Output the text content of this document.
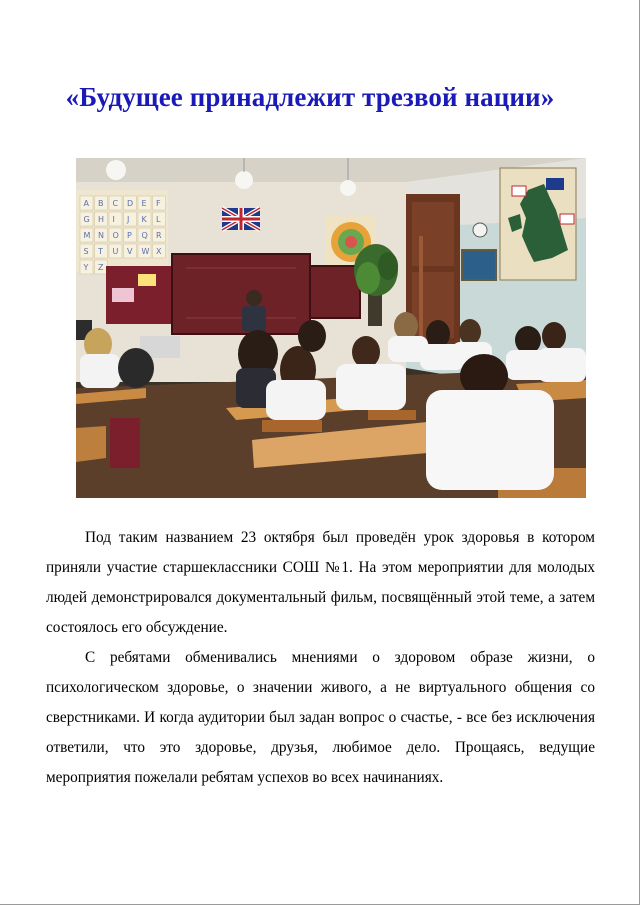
«Будущее принадлежит трезвой нации»
A B C D E F
G H I J K L
M N O P Q R
S T U V W X
Y Z

Под таким названием 23 октября был проведён урок здоровья в котором приняли участие старшеклассники СОШ №1. На этом мероприятии для молодых людей демонстрировался документальный фильм, посвящённый этой теме, а затем состоялось его обсуждение.

С ребятами обменивались мнениями о здоровом образе жизни, о психологическом здоровье, о значении живого, а не виртуального общения со сверстниками. И когда аудитории был задан вопрос о счастье, - все без исключения ответили, что это здоровье, друзья, любимое дело. Прощаясь, ведущие мероприятия пожелали ребятам успехов во всех начинаниях.
